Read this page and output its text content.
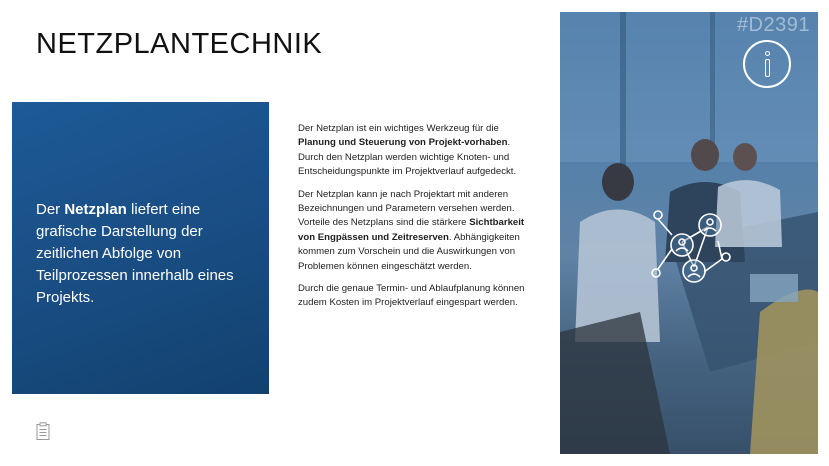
NETZPLANTECHNIK
Der Netzplan liefert eine grafische Darstellung der zeitlichen Abfolge von Teilprozessen innerhalb eines Projekts.

Der Netzplan ist ein wichtiges Werkzeug für die Planung und Steuerung von Projekt-vorhaben. Durch den Netzplan werden wichtige Knoten- und Entscheidungspunkte im Projektverlauf aufgedeckt.

Der Netzplan kann je nach Projektart mit anderen Bezeichnungen und Parametern versehen werden. Vorteile des Netzplans sind die stärkere Sichtbarkeit von Engpässen und Zeitreserven. Abhängigkeiten kommen zum Vorschein und die Auswirkungen von Problemen können eingeschätzt werden.

Durch die genaue Termin- und Ablaufplanung können zudem Kosten im Projektverlauf eingespart werden.

#D2391
